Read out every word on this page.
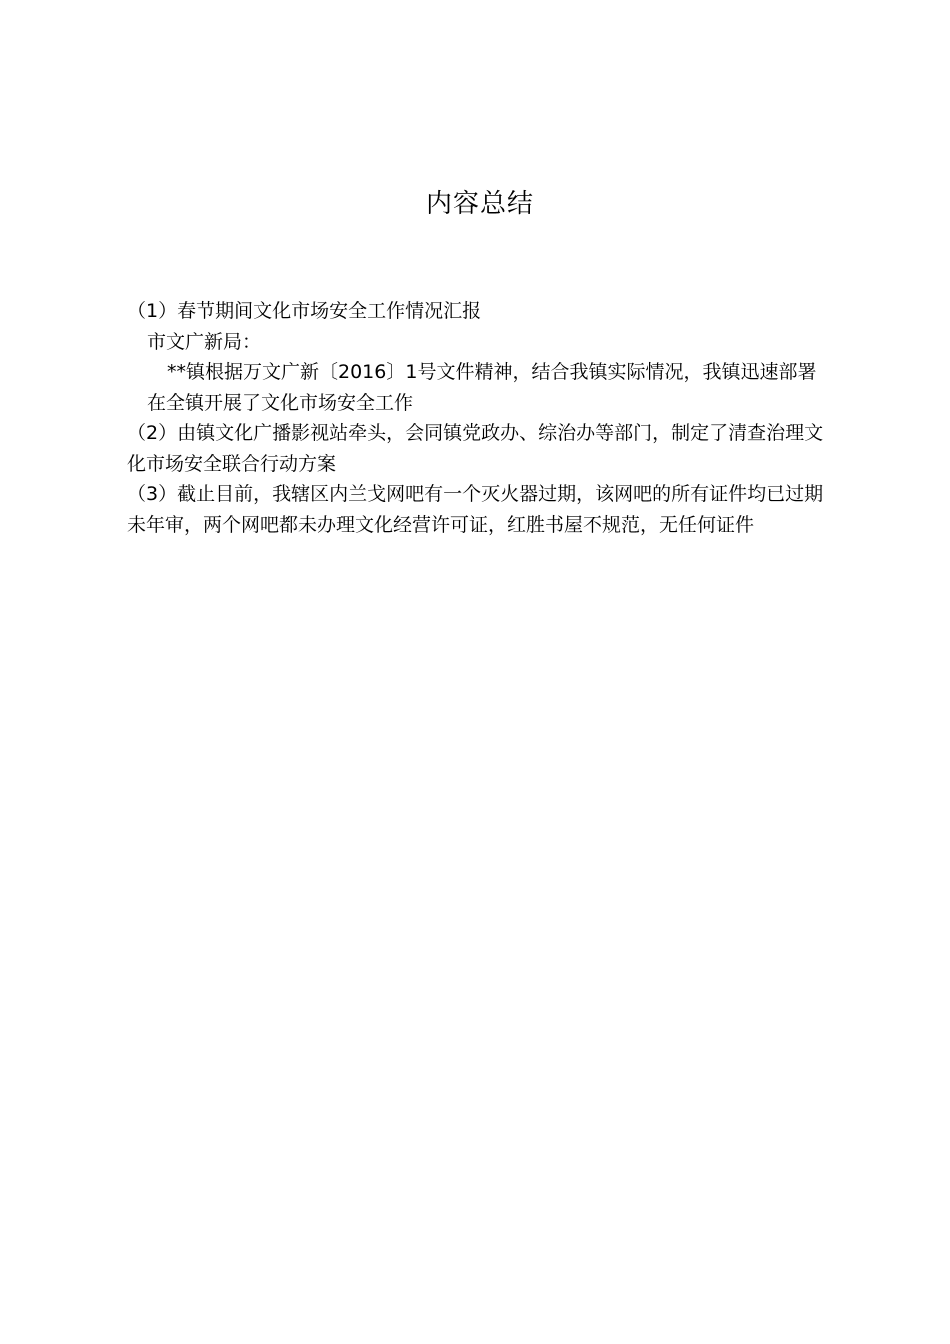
内容总结

（1）春节期间文化市场安全工作情况汇报

市文广新局：

**镇根据万文广新〔2016〕1号文件精神，结合我镇实际情况，我镇迅速部署在全镇开展了文化市场安全工作

（2）由镇文化广播影视站牵头，会同镇党政办、综治办等部门，制定了清查治理文化市场安全联合行动方案

（3）截止目前，我辖区内兰戈网吧有一个灭火器过期，该网吧的所有证件均已过期未年审，两个网吧都未办理文化经营许可证，红胜书屋不规范，无任何证件
